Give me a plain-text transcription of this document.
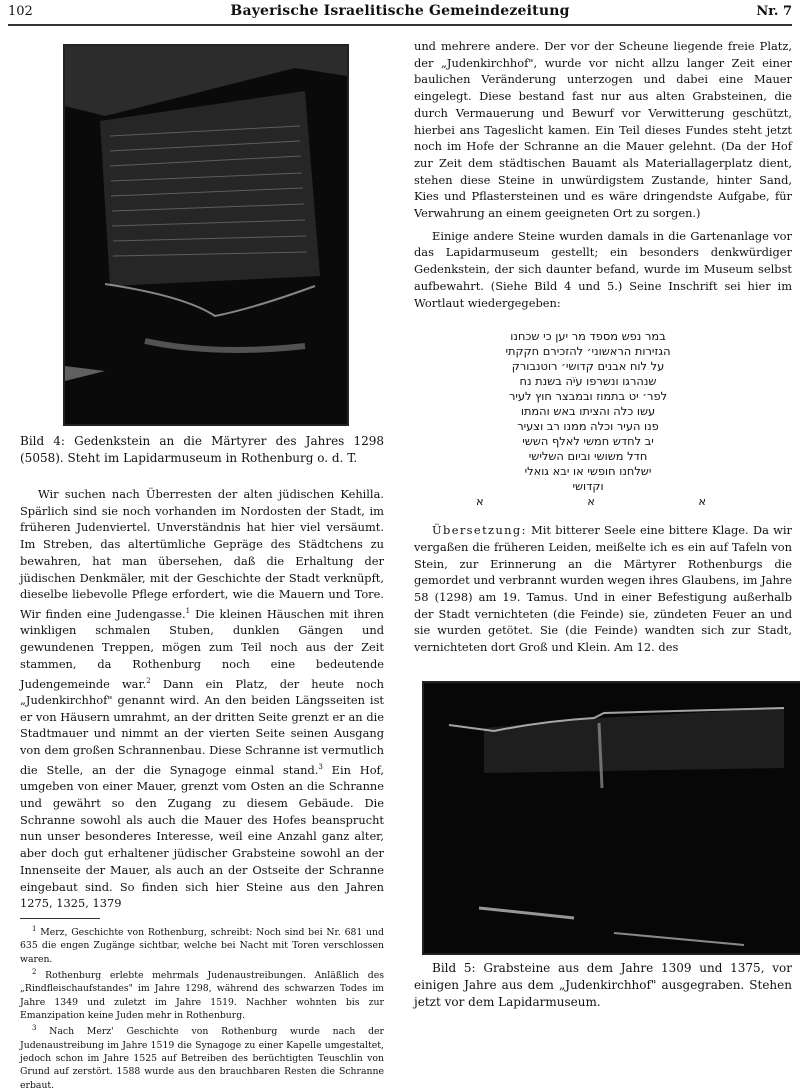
102	Bayerische Israelitische Gemeindezeitung	Nr. 7

Bild 4: Gedenkstein an die Märtyrer des Jahres 1298 (5058). Steht im Lapidarmuseum in Rothenburg o. d. T.

Wir suchen nach Überresten der alten jüdischen Kehilla. Spärlich sind sie noch vorhanden im Nordosten der Stadt, im früheren Judenviertel. Unverständnis hat hier viel versäumt. Im Streben, das altertümliche Gepräge des Städtchens zu bewahren, hat man übersehen, daß die Erhaltung der jüdischen Denkmäler, mit der Geschichte der Stadt verknüpft, dieselbe liebevolle Pflege erfordert, wie die Mauern und Tore. Wir finden eine Judengasse.$^1$ Die kleinen Häuschen mit ihren winkligen schmalen Stuben, dunklen Gängen und gewundenen Treppen, mögen zum Teil noch aus der Zeit stammen, da Rothenburg noch eine bedeutende Judengemeinde war.$^2$ Dann ein Platz, der heute noch „Judenkirchhof" genannt wird. An den beiden Längsseiten ist er von Häusern umrahmt, an der dritten Seite grenzt er an die Stadtmauer und nimmt an der vierten Seite seinen Ausgang von dem großen Schrannenbau. Diese Schranne ist vermutlich die Stelle, an der die Synagoge einmal stand.$^3$ Ein Hof, umgeben von einer Mauer, grenzt vom Osten an die Schranne und gewährt so den Zugang zu diesem Gebäude. Die Schranne sowohl als auch die Mauer des Hofes beansprucht nun unser besonderes Interesse, weil eine Anzahl ganz alter, aber doch gut erhaltener jüdischer Grabsteine sowohl an der Innenseite der Mauer, als auch an der Ostseite der Schranne eingebaut sind. So finden sich hier Steine aus den Jahren 1275, 1325, 1379

$^1$ Merz, Geschichte von Rothenburg, schreibt: Noch sind bei Nr. 681 und 635 die engen Zugänge sichtbar, welche bei Nacht mit Toren verschlossen waren.

$^2$ Rothenburg erlebte mehrmals Judenaustreibungen. Anläßlich des „Rindfleischaufstandes" im Jahre 1298, während des schwarzen Todes im Jahre 1349 und zuletzt im Jahre 1519. Nachher wohnten bis zur Emanzipation keine Juden mehr in Rothenburg.

$^3$ Nach Merz' Geschichte von Rothenburg wurde nach der Judenaustreibung im Jahre 1519 die Synagoge zu einer Kapelle umgestaltet, jedoch schon im Jahre 1525 auf Betreiben des berüchtigten Teuschlin von Grund auf zerstört. 1588 wurde aus den brauchbaren Resten die Schranne erbaut.

und mehrere andere. Der vor der Scheune liegende freie Platz, der „Judenkirchhof", wurde vor nicht allzu langer Zeit einer baulichen Veränderung unterzogen und dabei eine Mauer eingelegt. Diese bestand fast nur aus alten Grabsteinen, die durch Vermauerung und Bewurf vor Verwitterung geschützt, hierbei ans Tageslicht kamen. Ein Teil dieses Fundes steht jetzt noch im Hofe der Schranne an die Mauer gelehnt. (Da der Hof zur Zeit dem städtischen Bauamt als Materiallagerplatz dient, stehen diese Steine in unwürdigstem Zustande, hinter Sand, Kies und Pflastersteinen und es wäre dringendste Aufgabe, für Verwahrung an einem geeigneten Ort zu sorgen.)

Einige andere Steine wurden damals in die Gartenanlage vor das Lapidarmuseum gestellt; ein besonders denkwürdiger Gedenkstein, der sich daunter befand, wurde im Museum selbst aufbewahrt. (Siehe Bild 4 und 5.) Seine Inschrift sei hier im Wortlaut wiedergegeben:

במר נפש מספד מר יען כי שכחנו
הגזירות הראשוני׳ להזכירם חקקתי
על לוח אבנים קדושי׳ רוטנבורק
שנהרגו ונשרפו עֹיֹה בשנת נח
לפר׳ יט בתמוז ובמבצר חוץ לעיר
עשו כלה והציתו באש והמתו
פנו העיר וכלה ממנו רב וצעיר
יב לחדש חמשי לאלף הששי
חדל משושי וביום השלישי
ישלחנו חופשי או יבא גואלי
וקדושי
א	א	א

Übersetzung: Mit bitterer Seele eine bittere Klage. Da wir vergaßen die früheren Leiden, meißelte ich es ein auf Tafeln von Stein, zur Erinnerung an die Märtyrer Rothenburgs die gemordet und verbrannt wurden wegen ihres Glaubens, im Jahre 58 (1298) am 19. Tamus. Und in einer Befestigung außerhalb der Stadt vernichteten (die Feinde) sie, zündeten Feuer an und sie wurden getötet. Sie (die Feinde) wandten sich zur Stadt, vernichteten dort Groß und Klein. Am 12. des

Bild 5: Grabsteine aus dem Jahre 1309 und 1375, vor einigen Jahre aus dem „Judenkirchhof" ausgegraben. Stehen jetzt vor dem Lapidarmuseum.
